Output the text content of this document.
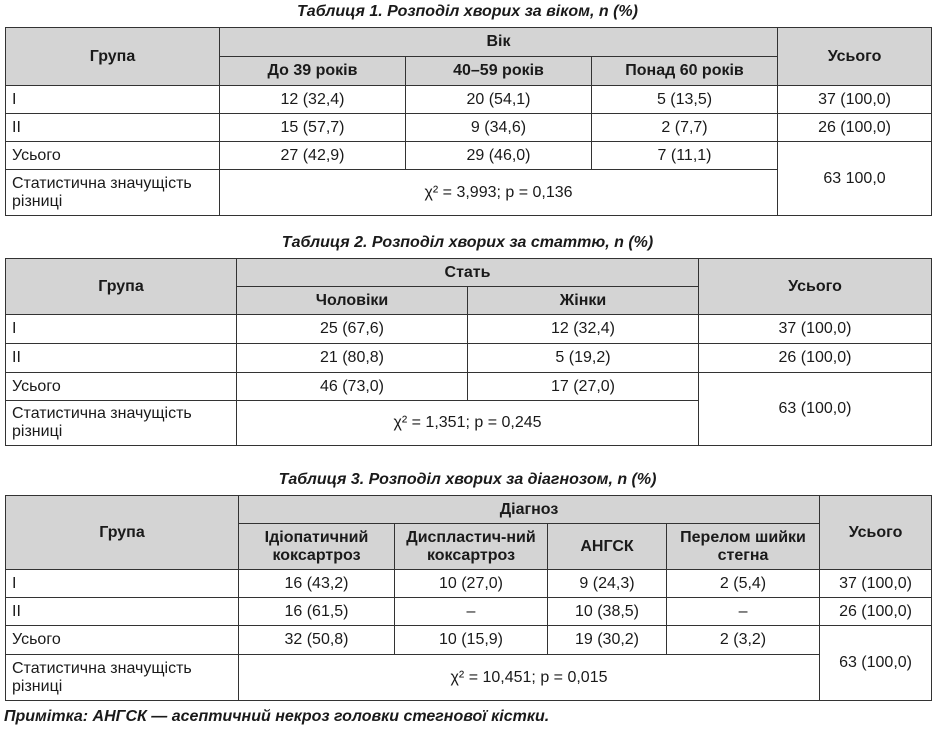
Таблиця 1. Розподіл хворих за віком, n (%)
Група	Вік			Усього
	До 39 років	40–59 років	Понад 60 років	
I	12 (32,4)	20 (54,1)	5 (13,5)	37 (100,0)
II	15 (57,7)	9 (34,6)	2 (7,7)	26 (100,0)
Усього	27 (42,9)	29 (46,0)	7 (11,1)	63 100,0
Статистична значущість різниці	χ² = 3,993; р = 0,136			
Таблиця 2. Розподіл хворих за статтю, n (%)
Група	Стать		Усього
	Чоловіки	Жінки	
I	25 (67,6)	12 (32,4)	37 (100,0)
II	21 (80,8)	5 (19,2)	26 (100,0)
Усього	46 (73,0)	17 (27,0)	63 (100,0)
Статистична значущість різниці	χ² = 1,351; р = 0,245		
Таблиця 3. Розподіл хворих за діагнозом, n (%)
Група	Діагноз				Усього
	Ідіопатичний коксартроз	Диспластич-ний коксартроз	АНГСК	Перелом шийки стегна	
I	16 (43,2)	10 (27,0)	9 (24,3)	2 (5,4)	37 (100,0)
II	16 (61,5)	–	10 (38,5)	–	26 (100,0)
Усього	32 (50,8)	10 (15,9)	19 (30,2)	2 (3,2)	63 (100,0)
Статистична значущість різниці	χ² = 10,451; р = 0,015				
Примітка: АНГСК — асептичний некроз головки стегнової кістки.
